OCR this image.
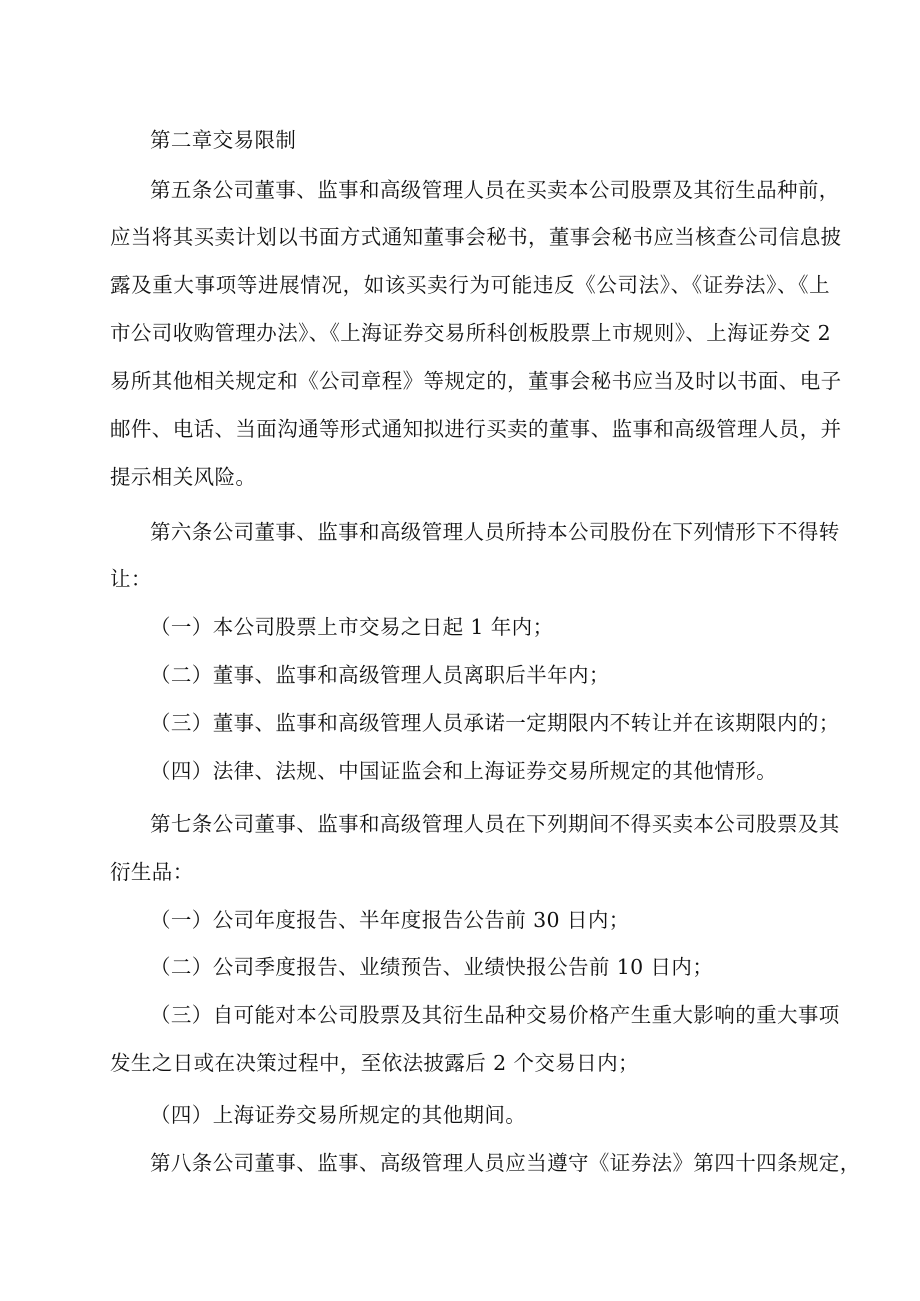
第二章交易限制
第五条公司董事、监事和高级管理人员在买卖本公司股票及其衍生品种前，
应当将其买卖计划以书面方式通知董事会秘书，董事会秘书应当核查公司信息披
露及重大事项等进展情况，如该买卖行为可能违反《公司法》、《证券法》、《上
市公司收购管理办法》、《上海证券交易所科创板股票上市规则》、上海证券交 2
易所其他相关规定和《公司章程》等规定的，董事会秘书应当及时以书面、电子
邮件、电话、当面沟通等形式通知拟进行买卖的董事、监事和高级管理人员，并
提示相关风险。
第六条公司董事、监事和高级管理人员所持本公司股份在下列情形下不得转
让：
（一）本公司股票上市交易之日起 1 年内；
（二）董事、监事和高级管理人员离职后半年内；
（三）董事、监事和高级管理人员承诺一定期限内不转让并在该期限内的；
（四）法律、法规、中国证监会和上海证券交易所规定的其他情形。
第七条公司董事、监事和高级管理人员在下列期间不得买卖本公司股票及其
衍生品：
（一）公司年度报告、半年度报告公告前 30 日内；
（二）公司季度报告、业绩预告、业绩快报公告前 10 日内；
（三）自可能对本公司股票及其衍生品种交易价格产生重大影响的重大事项
发生之日或在决策过程中，至依法披露后 2 个交易日内；
（四）上海证券交易所规定的其他期间。
第八条公司董事、监事、高级管理人员应当遵守《证券法》第四十四条规定，
